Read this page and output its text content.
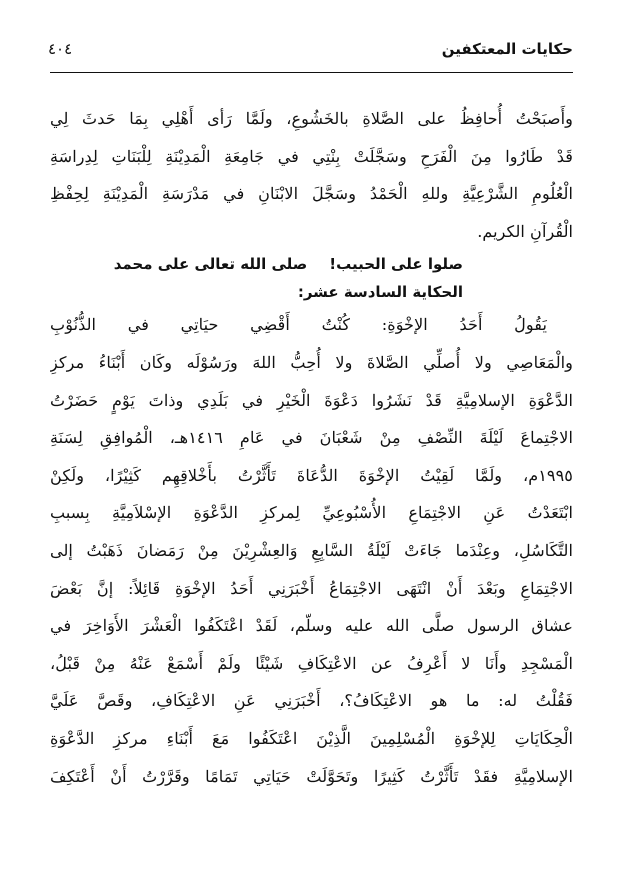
حكايات المعتكفين
٤٠٤
وأَصبَحْتُ أُحافِظُ على الصَّلاةِ بالخَشُوعِ، ولَمَّا رَأى أَهْلِي بِمَا حَدثَ لِي
قَدْ طَارُوا مِنَ الْفَرَحِ وسَجَّلَتْ بِنْتِي في جَامِعَةِ الْمَدِيْنَةِ لِلْبَنَاتِ لِدِراسَةِ
الْعُلُومِ الشَّرْعِيَّةِ وللهِ الْحَمْدُ وسَجَّلَ الابْنَانِ في مَدْرَسَةِ الْمَدِيْنَةِ لِحِفْظِ
الْقُرآنِ الكريم.
صلوا على الحبيب!صلى الله تعالى على محمد
الحكاية السادسة عشر:
يَقُولُ أَحَدُ الإخْوَةِ: كُنْتُ أَقْضِي حيَاتِي في الذُّنُوْبِ
والْمَعَاصِي ولا أُصلِّي الصَّلاةَ ولا أُحِبُّ اللهَ ورَسُوْلَه وكَان أَبْنَاءُ مركزِ
الدَّعْوَةِ الإسلامِيَّةِ قَدْ نَشَرُوا دَعْوَةَ الْخَيْرِ في بَلَدِي وذاتَ يَوْمٍ حَضَرْتُ
الاجْتِماعَ لَيْلَةَ النِّصْفِ مِنْ شَعْبَانَ في عَامِ ١٤١٦هـ، الْمُوافِقِ لِسَنَةِ
١٩٩٥م، ولَمَّا لَقِيْتُ الإخْوَةَ الدُّعَاةَ تَأَثَّرْتُ بأَخْلاقِهِم كَثِيْرًا، ولَكِنْ
ابْتَعَدْتُ عَنِ الاجْتِمَاعِ الأُسْبُوعِيِّ لِمركزِ الدَّعْوَةِ الإسْلاَمِيَّةِ بِسببِ
التَّكَاسُلِ، وعِنْدَما جَاءَتْ لَيْلَةُ السَّابِعِ وَالعِشْرِيْنَ مِنْ رَمَضانَ ذَهَبْتُ إلى
الاجْتِمَاعِ وبَعْدَ أَنْ انْتَهَى الاجْتِمَاعُ أَخْبَرَنِي أَحَدُ الإخْوَةِ قَائِلاً: إنَّ بَعْضَ
عشاق الرسول صلَّى الله عليه وسلّم، لَقَدْ اعْتَكَفُوا الْعَشْرَ الأَوَاخِرَ في
الْمَسْجِدِ وأَنَا لا أَعْرِفُ عن الاعْتِكَافِ شَيْئًا ولَمْ أَسْمَعْ عَنْهُ مِنْ قَبْلُ،
فَقُلْتُ له: ما هو الاعْتِكَافُ؟، أَخْبَرَنِي عَنِ الاعْتِكَافِ، وقَصَّ عَلَيَّ
الْحِكَايَاتِ لِلإخْوَةِ الْمُسْلِمِينَ الَّذِيْنَ اعْتَكَفُوا مَعَ أَبْنَاءِ مركزِ الدَّعْوَةِ
الإسلامِيَّةِ فقَدْ تَأَثَّرْتُ كَثِيرًا وتَحَوَّلَتْ حَيَاتِي تَمَامًا وقَرَّرْتُ أَنْ أَعْتَكِفَ
